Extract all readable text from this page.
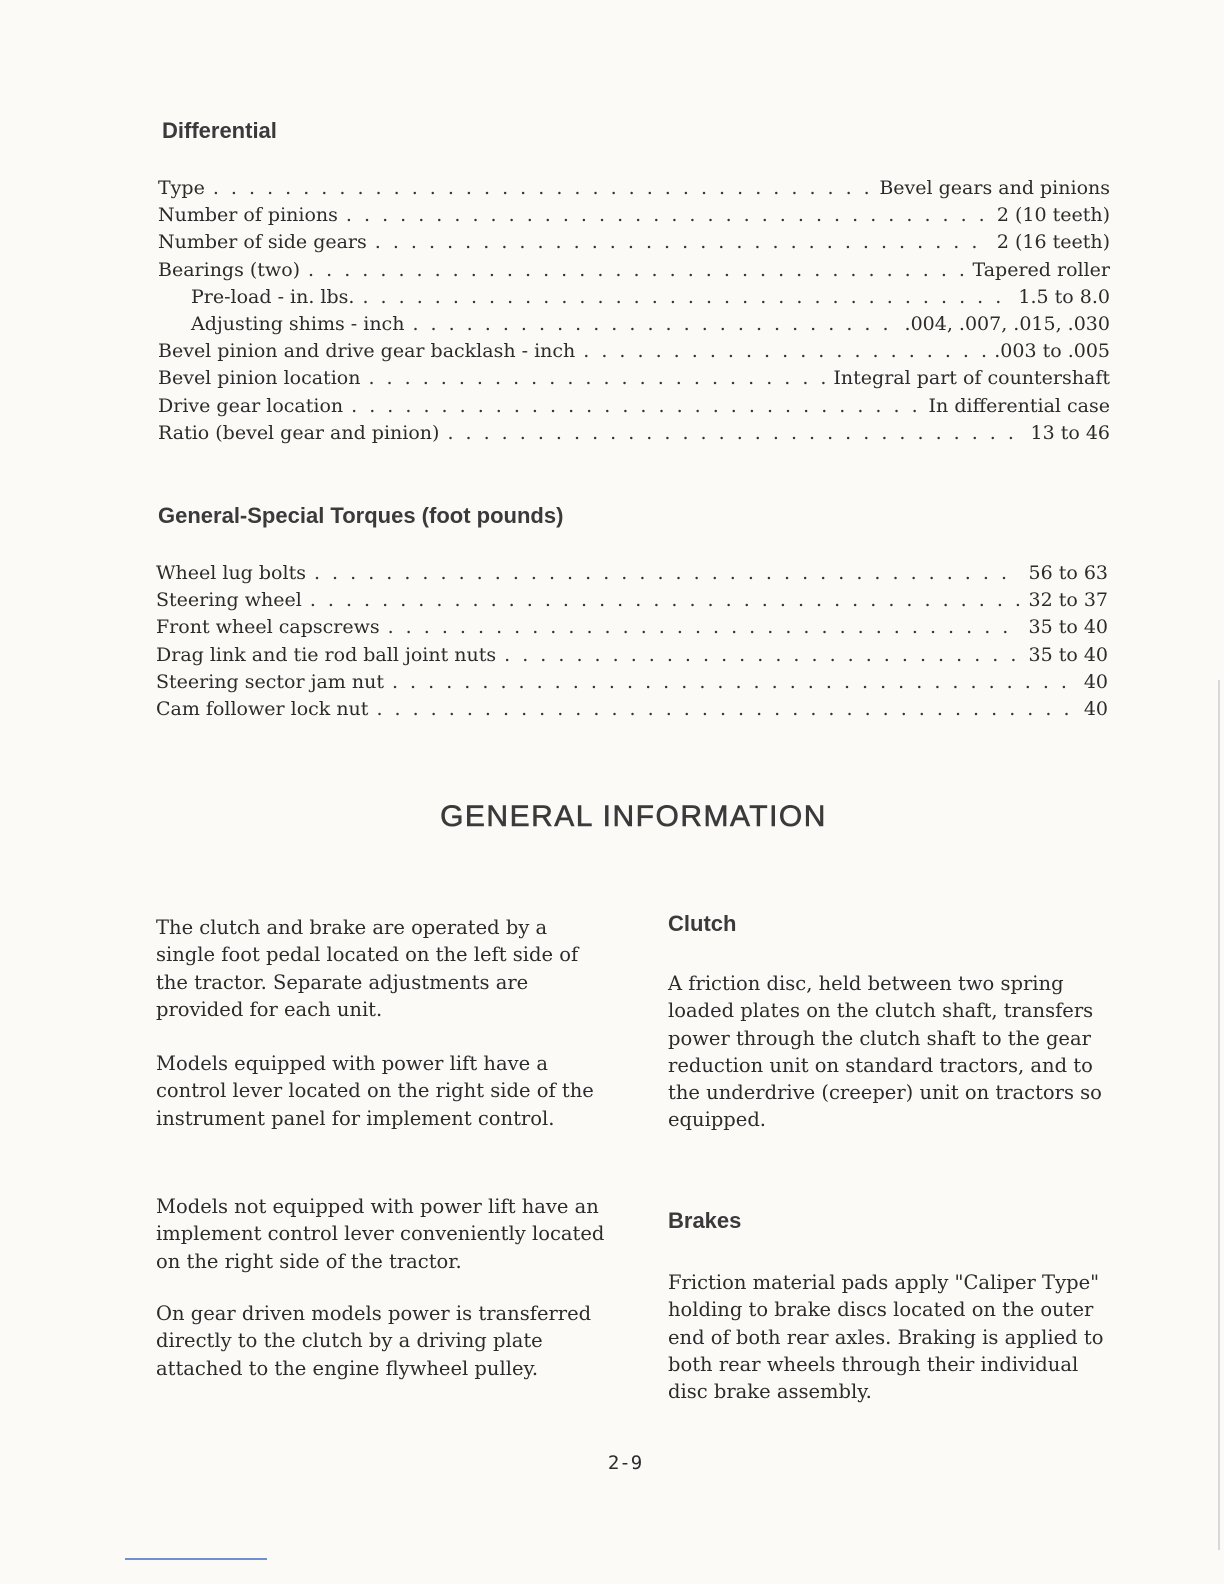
Differential
Type . . .	Bevel gears and pinions
Number of pinions . . .	2 (10 teeth)
Number of side gears . . .	2 (16 teeth)
Bearings (two) . . .	Tapered roller
Pre-load - in. lbs. . . .	1.5 to 8.0
Adjusting shims - inch . . .	.004, .007, .015, .030
Bevel pinion and drive gear backlash - inch . . .	.003 to .005
Bevel pinion location . . .	Integral part of countershaft
Drive gear location . . .	In differential case
Ratio (bevel gear and pinion) . . .	13 to 46
General-Special Torques (foot pounds)
Wheel lug bolts . . .	56 to 63
Steering wheel . . .	32 to 37
Front wheel capscrews . . .	35 to 40
Drag link and tie rod ball joint nuts . . .	35 to 40
Steering sector jam nut . . .	40
Cam follower lock nut . . .	40
GENERAL INFORMATION

The clutch and brake are operated by a single foot pedal located on the left side of the tractor. Separate adjustments are provided for each unit.

Models equipped with power lift have a control lever located on the right side of the instrument panel for implement control.

Models not equipped with power lift have an implement control lever conveniently located on the right side of the tractor.

On gear driven models power is transferred directly to the clutch by a driving plate attached to the engine flywheel pulley.

Clutch

A friction disc, held between two spring loaded plates on the clutch shaft, transfers power through the clutch shaft to the gear reduction unit on standard tractors, and to the underdrive (creeper) unit on tractors so equipped.

Brakes

Friction material pads apply "Caliper Type" holding to brake discs located on the outer end of both rear axles. Braking is applied to both rear wheels through their individual disc brake assembly.

2-9
